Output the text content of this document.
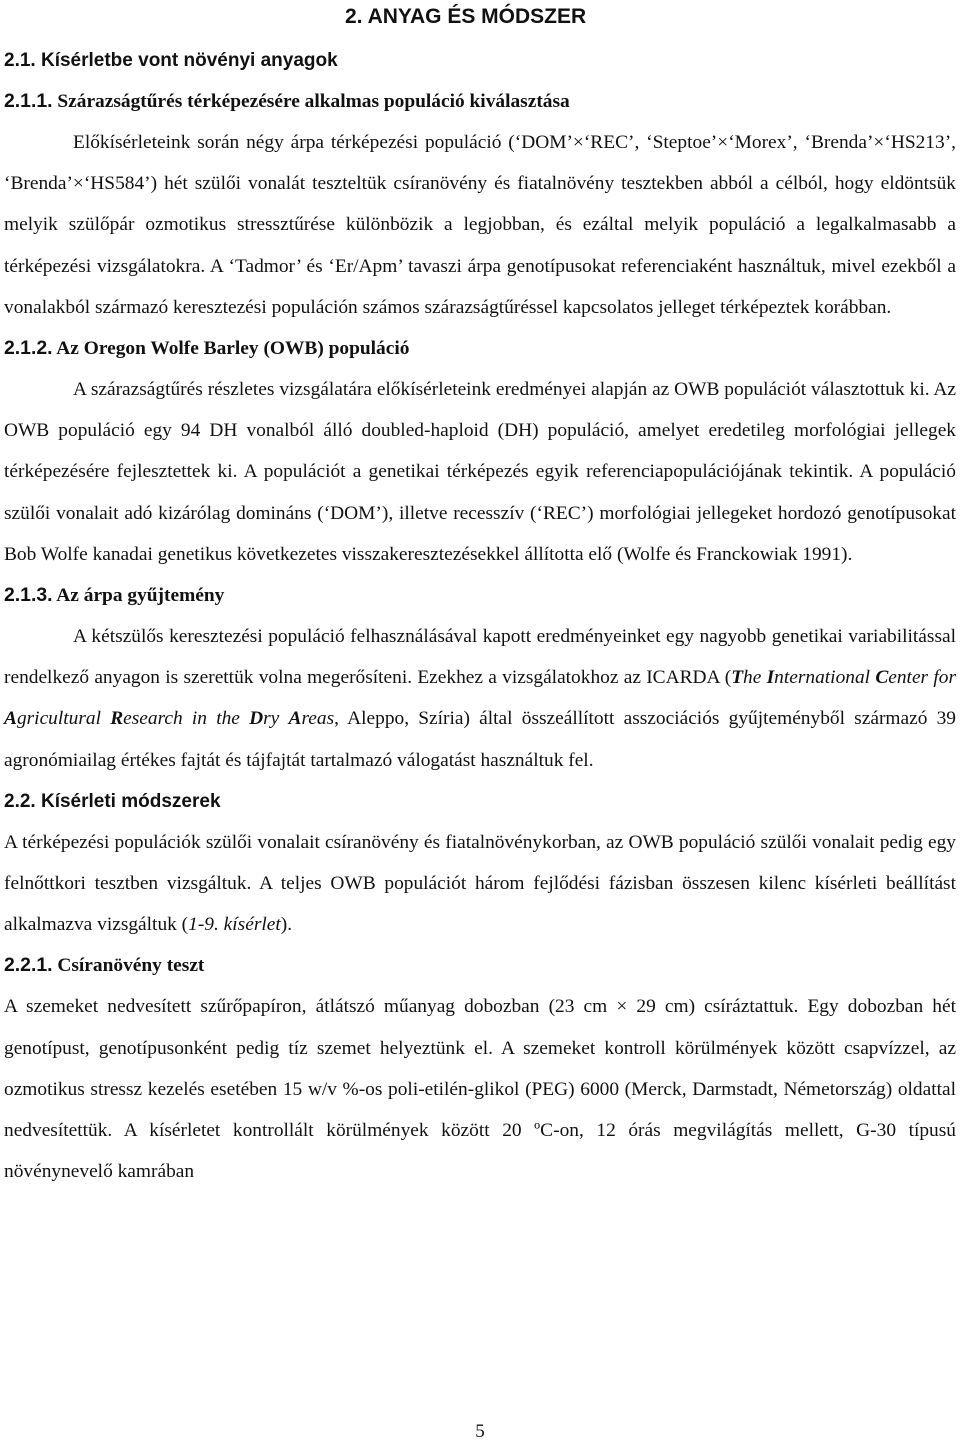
2. ANYAG ÉS MÓDSZER
2.1. Kísérletbe vont növényi anyagok
2.1.1. Szárazságtűrés térképezésére alkalmas populáció kiválasztása

Előkísérleteink során négy árpa térképezési populáció (‘DOM’×‘REC’, ‘Steptoe’×‘Morex’, ‘Brenda’×‘HS213’, ‘Brenda’×‘HS584’) hét szülői vonalát teszteltük csíranövény és fiatalnövény tesztekben abból a célból, hogy eldöntsük melyik szülőpár ozmotikus stressztűrése különbözik a legjobban, és ezáltal melyik populáció a legalkalmasabb a térképezési vizsgálatokra. A ‘Tadmor’ és ‘Er/Apm’ tavaszi árpa genotípusokat referenciaként használtuk, mivel ezekből a vonalakból származó keresztezési populáción számos szárazságtűréssel kapcsolatos jelleget térképeztek korábban.

2.1.2. Az Oregon Wolfe Barley (OWB) populáció

A szárazságtűrés részletes vizsgálatára előkísérleteink eredményei alapján az OWB populációt választottuk ki. Az OWB populáció egy 94 DH vonalból álló doubled-haploid (DH) populáció, amelyet eredetileg morfológiai jellegek térképezésére fejlesztettek ki. A populációt a genetikai térképezés egyik referenciapopulációjának tekintik. A populáció szülői vonalait adó kizárólag domináns (‘DOM’), illetve recesszív (‘REC’) morfológiai jellegeket hordozó genotípusokat Bob Wolfe kanadai genetikus következetes visszakeresztezésekkel állította elő (Wolfe és Franckowiak 1991).

2.1.3. Az árpa gyűjtemény

A kétszülős keresztezési populáció felhasználásával kapott eredményeinket egy nagyobb genetikai variabilitással rendelkező anyagon is szerettük volna megerősíteni. Ezekhez a vizsgálatokhoz az ICARDA (The International Center for Agricultural Research in the Dry Areas, Aleppo, Szíria) által összeállított asszociációs gyűjteményből származó 39 agronómiailag értékes fajtát és tájfajtát tartalmazó válogatást használtuk fel.

2.2. Kísérleti módszerek

A térképezési populációk szülői vonalait csíranövény és fiatalnövénykorban, az OWB populáció szülői vonalait pedig egy felnőttkori tesztben vizsgáltuk. A teljes OWB populációt három fejlődési fázisban összesen kilenc kísérleti beállítást alkalmazva vizsgáltuk (1-9. kísérlet).

2.2.1. Csíranövény teszt

A szemeket nedvesített szűrőpapíron, átlátszó műanyag dobozban (23 cm × 29 cm) csíráztattuk. Egy dobozban hét genotípust, genotípusonként pedig tíz szemet helyeztünk el. A szemeket kontroll körülmények között csapvízzel, az ozmotikus stressz kezelés esetében 15 w/v %-os poli-etilén-glikol (PEG) 6000 (Merck, Darmstadt, Németország) oldattal nedvesítettük. A kísérletet kontrollált körülmények között 20 ºC-on, 12 órás megvilágítás mellett, G-30 típusú növénynevelő kamrában

5
